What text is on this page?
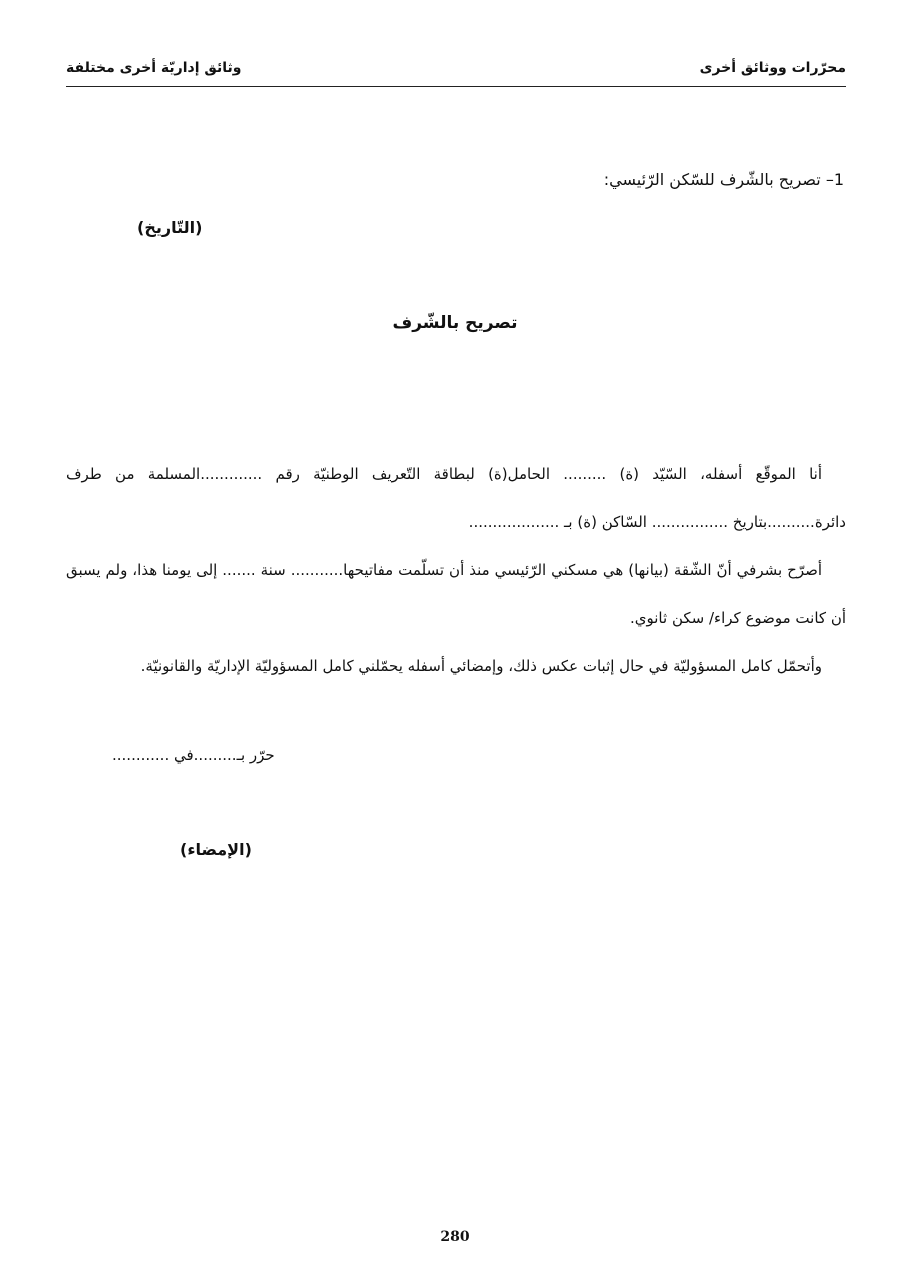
محرّرات ووثائق أخرى
وثائق إداريّة أخرى مختلفة
1– تصريح بالشّرف للسّكن الرّئيسي:
(التّاريخ)
تصريح بالشّرف

أنا الموقّع أسفله، السّيّد (ة) ......... الحامل(ة) لبطاقة التّعريف الوطنيّة رقم .............المسلمة من طرف دائرة..........بتاريخ ................ السّاكن (ة) بـ ...................

أصرّح بشرفي أنّ الشّقة (بيانها) هي مسكني الرّئيسي منذ أن تسلّمت مفاتيحها........... سنة ....... إلى يومنا هذا، ولم يسبق أن كانت موضوع كراء/ سكن ثانوي.

وأتحمّل كامل المسؤوليّة في حال إثبات عكس ذلك، وإمضائي أسفله يحمّلني كامل المسؤوليّة الإداريّة والقانونيّة.

حرّر بـ.........في ............
(الإمضاء)
280
